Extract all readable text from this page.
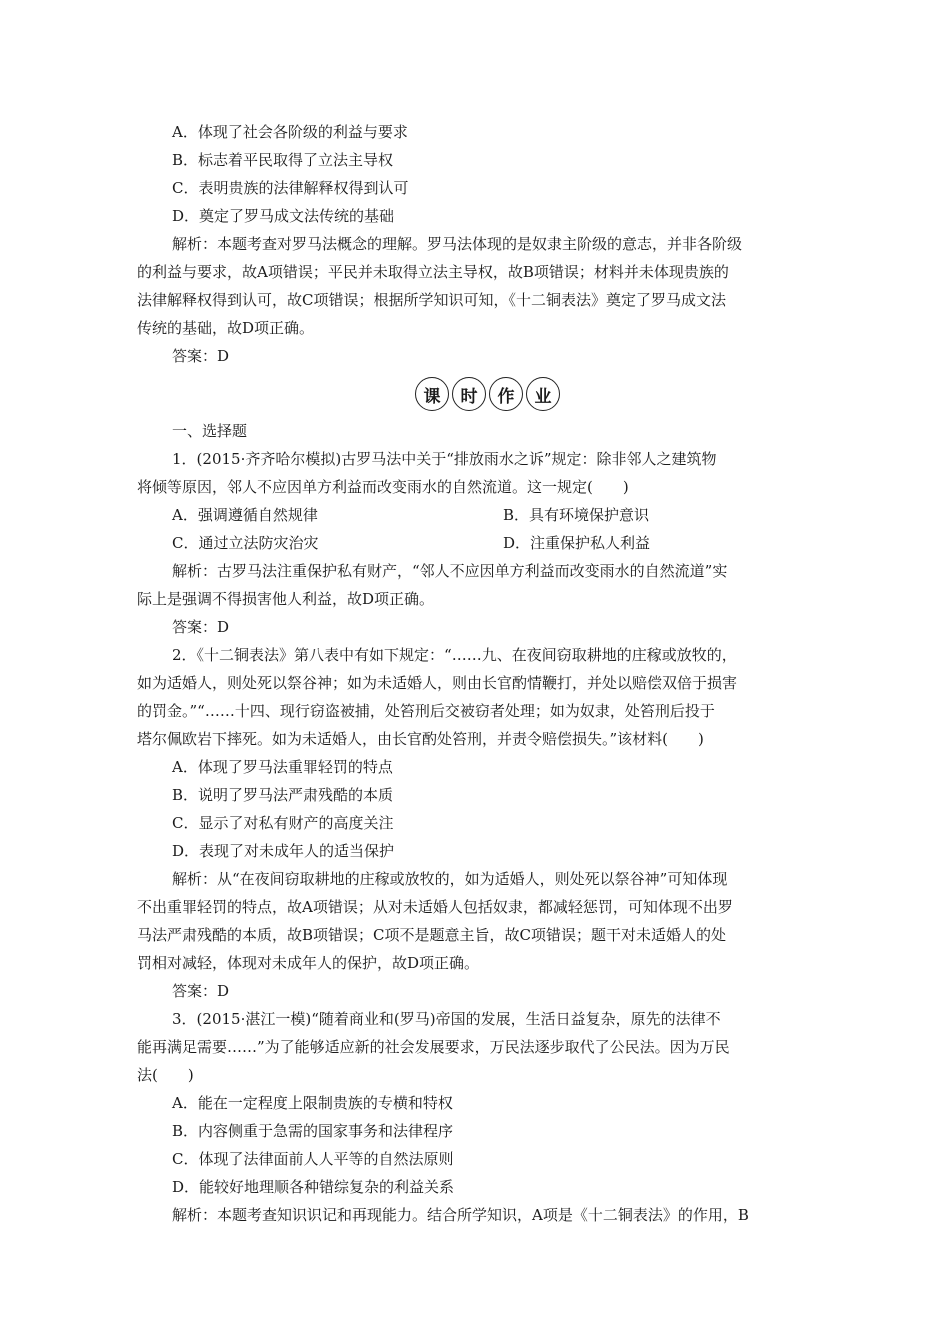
A．体现了社会各阶级的利益与要求
B．标志着平民取得了立法主导权
C．表明贵族的法律解释权得到认可
D．奠定了罗马成文法传统的基础
解析：本题考查对罗马法概念的理解。罗马法体现的是奴隶主阶级的意志，并非各阶级
的利益与要求，故A项错误；平民并未取得立法主导权，故B项错误；材料并未体现贵族的
法律解释权得到认可，故C项错误；根据所学知识可知，《十二铜表法》奠定了罗马成文法
传统的基础，故D项正确。
答案：D
课	时	作	业
一、选择题
1．(2015·齐齐哈尔模拟)古罗马法中关于“排放雨水之诉”规定：除非邻人之建筑物
将倾等原因，邻人不应因单方利益而改变雨水的自然流道。这一规定(　　)
A．强调遵循自然规律	B．具有环境保护意识
C．通过立法防灾治灾	D．注重保护私人利益
解析：古罗马法注重保护私有财产，“邻人不应因单方利益而改变雨水的自然流道”实
际上是强调不得损害他人利益，故D项正确。
答案：D
2．《十二铜表法》第八表中有如下规定：“……九、在夜间窃取耕地的庄稼或放牧的，
如为适婚人，则处死以祭谷神；如为未适婚人，则由长官酌情鞭打，并处以赔偿双倍于损害
的罚金。”“……十四、现行窃盗被捕，处笞刑后交被窃者处理；如为奴隶，处笞刑后投于
塔尔佩欧岩下摔死。如为未适婚人，由长官酌处笞刑，并责令赔偿损失。”该材料(　　)
A．体现了罗马法重罪轻罚的特点
B．说明了罗马法严肃残酷的本质
C．显示了对私有财产的高度关注
D．表现了对未成年人的适当保护
解析：从“在夜间窃取耕地的庄稼或放牧的，如为适婚人，则处死以祭谷神”可知体现
不出重罪轻罚的特点，故A项错误；从对未适婚人包括奴隶，都减轻惩罚，可知体现不出罗
马法严肃残酷的本质，故B项错误；C项不是题意主旨，故C项错误；题干对未适婚人的处
罚相对减轻，体现对未成年人的保护，故D项正确。
答案：D
3．(2015·湛江一模)“随着商业和(罗马)帝国的发展，生活日益复杂，原先的法律不
能再满足需要……”为了能够适应新的社会发展要求，万民法逐步取代了公民法。因为万民
法(　　)
A．能在一定程度上限制贵族的专横和特权
B．内容侧重于急需的国家事务和法律程序
C．体现了法律面前人人平等的自然法原则
D．能较好地理顺各种错综复杂的利益关系
解析：本题考查知识识记和再现能力。结合所学知识，A项是《十二铜表法》的作用，B
